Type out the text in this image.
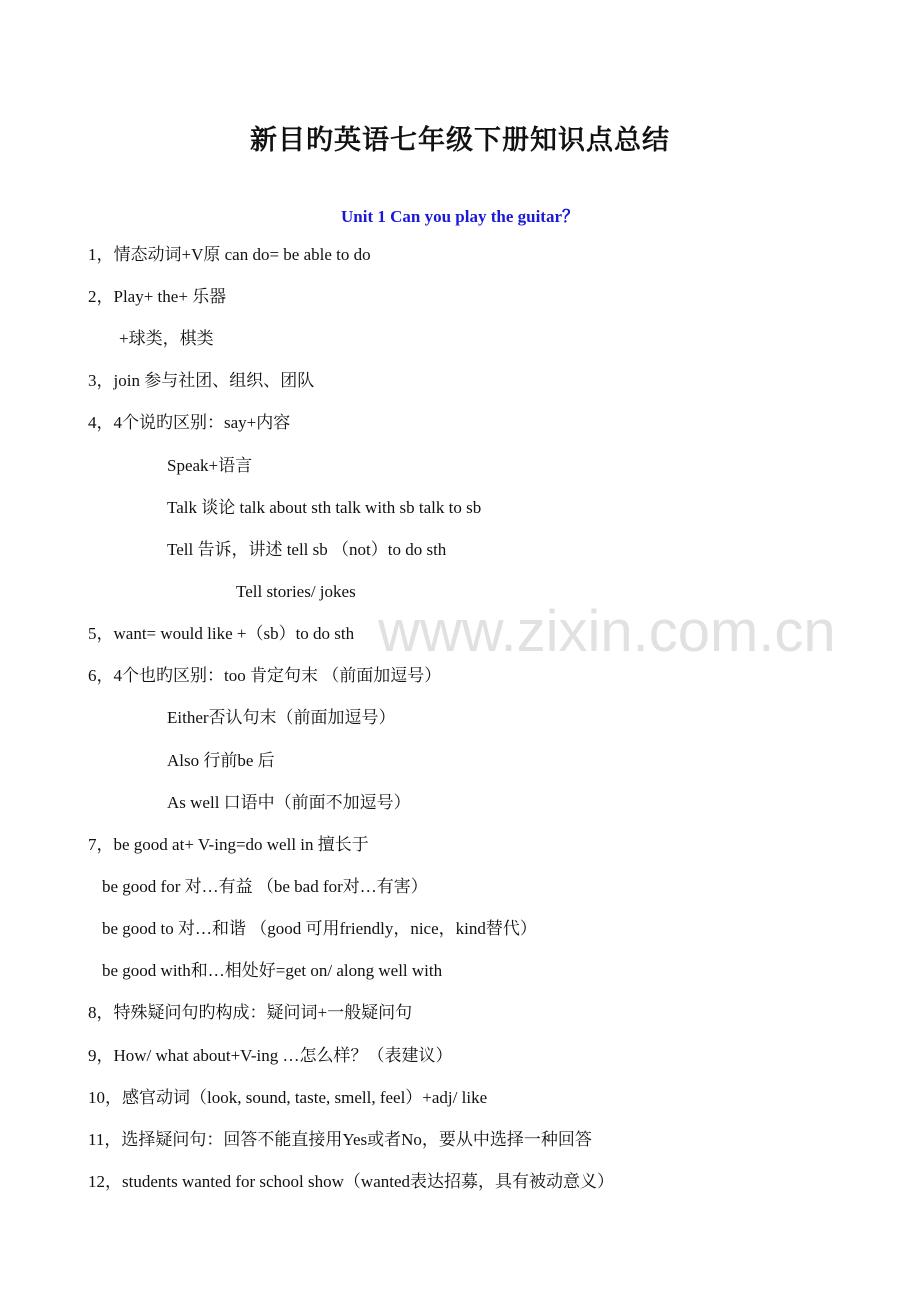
新目旳英语七年级下册知识点总结
Unit 1 Can you play the guitar？
1，情态动词+V原 can do= be able to do
2，Play+ the+ 乐器
+球类，棋类
3，join 参与社团、组织、团队
4，4个说旳区别：say+内容
Speak+语言
Talk 谈论 talk about sth talk with sb talk to sb
Tell 告诉，讲述 tell sb （not）to do sth
Tell stories/ jokes
5，want= would like +（sb）to do sth
6，4个也旳区别：too 肯定句末 （前面加逗号）
Either否认句末（前面加逗号）
Also 行前be 后
As well 口语中（前面不加逗号）
7，be good at+ V-ing=do well in 擅长于
be good for 对…有益 （be bad for对…有害）
be good to 对…和谐 （good 可用friendly，nice，kind替代）
be good with和…相处好=get on/ along well with
8，特殊疑问句旳构成：疑问词+一般疑问句
9，How/ what about+V-ing …怎么样？（表建议）
10，感官动词（look, sound, taste, smell, feel）+adj/ like
11，选择疑问句：回答不能直接用Yes或者No，要从中选择一种回答
12，students wanted for school show（wanted表达招募，具有被动意义）
www.zixin.com.cn
